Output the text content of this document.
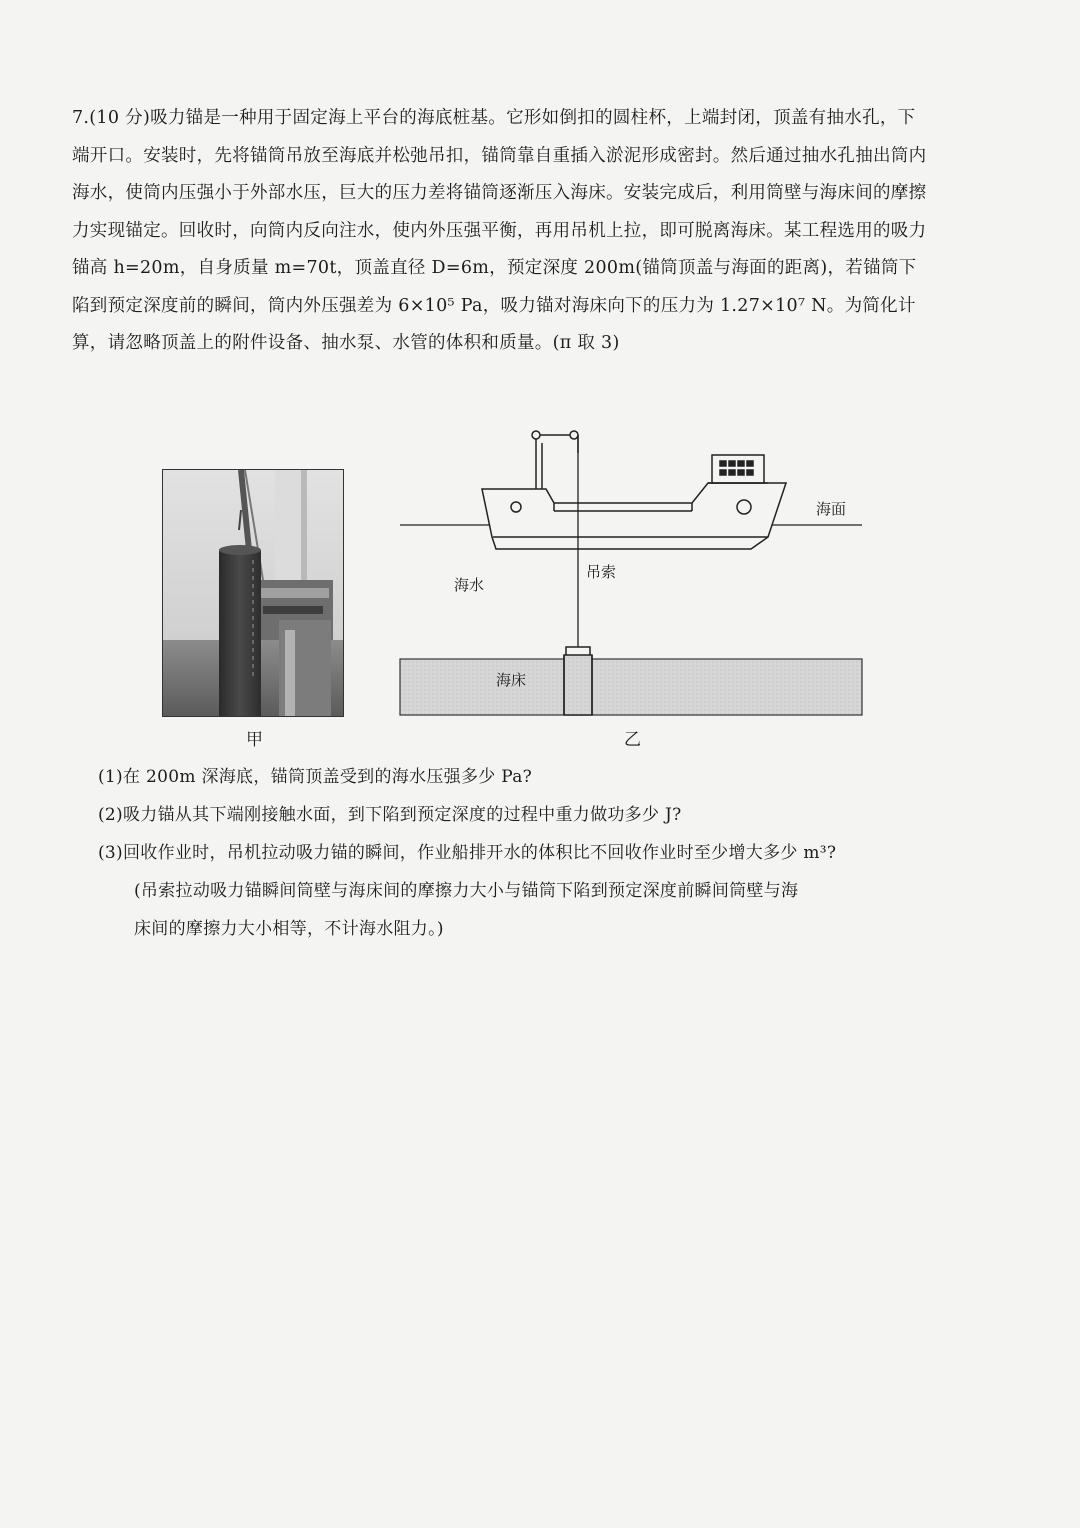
7.(10 分)吸力锚是一种用于固定海上平台的海底桩基。它形如倒扣的圆柱杯，上端封闭，顶盖有抽水孔，下端开口。安装时，先将锚筒吊放至海底并松弛吊扣，锚筒靠自重插入淤泥形成密封。然后通过抽水孔抽出筒内海水，使筒内压强小于外部水压，巨大的压力差将锚筒逐渐压入海床。安装完成后，利用筒壁与海床间的摩擦力实现锚定。回收时，向筒内反向注水，使内外压强平衡，再用吊机上拉，即可脱离海床。某工程选用的吸力锚高 h=20m，自身质量 m=70t，顶盖直径 D=6m，预定深度 200m(锚筒顶盖与海面的距离)，若锚筒下陷到预定深度前的瞬间，筒内外压强差为 6×10⁵ Pa，吸力锚对海床向下的压力为 1.27×10⁷ N。为简化计算，请忽略顶盖上的附件设备、抽水泵、水管的体积和质量。(π 取 3)

甲
海床
海面
吊索
海水
乙

(1)在 200m 深海底，锚筒顶盖受到的海水压强多少 Pa?

(2)吸力锚从其下端刚接触水面，到下陷到预定深度的过程中重力做功多少 J?

(3)回收作业时，吊机拉动吸力锚的瞬间，作业船排开水的体积比不回收作业时至少增大多少 m³?

(吊索拉动吸力锚瞬间筒壁与海床间的摩擦力大小与锚筒下陷到预定深度前瞬间筒壁与海

床间的摩擦力大小相等，不计海水阻力。)
